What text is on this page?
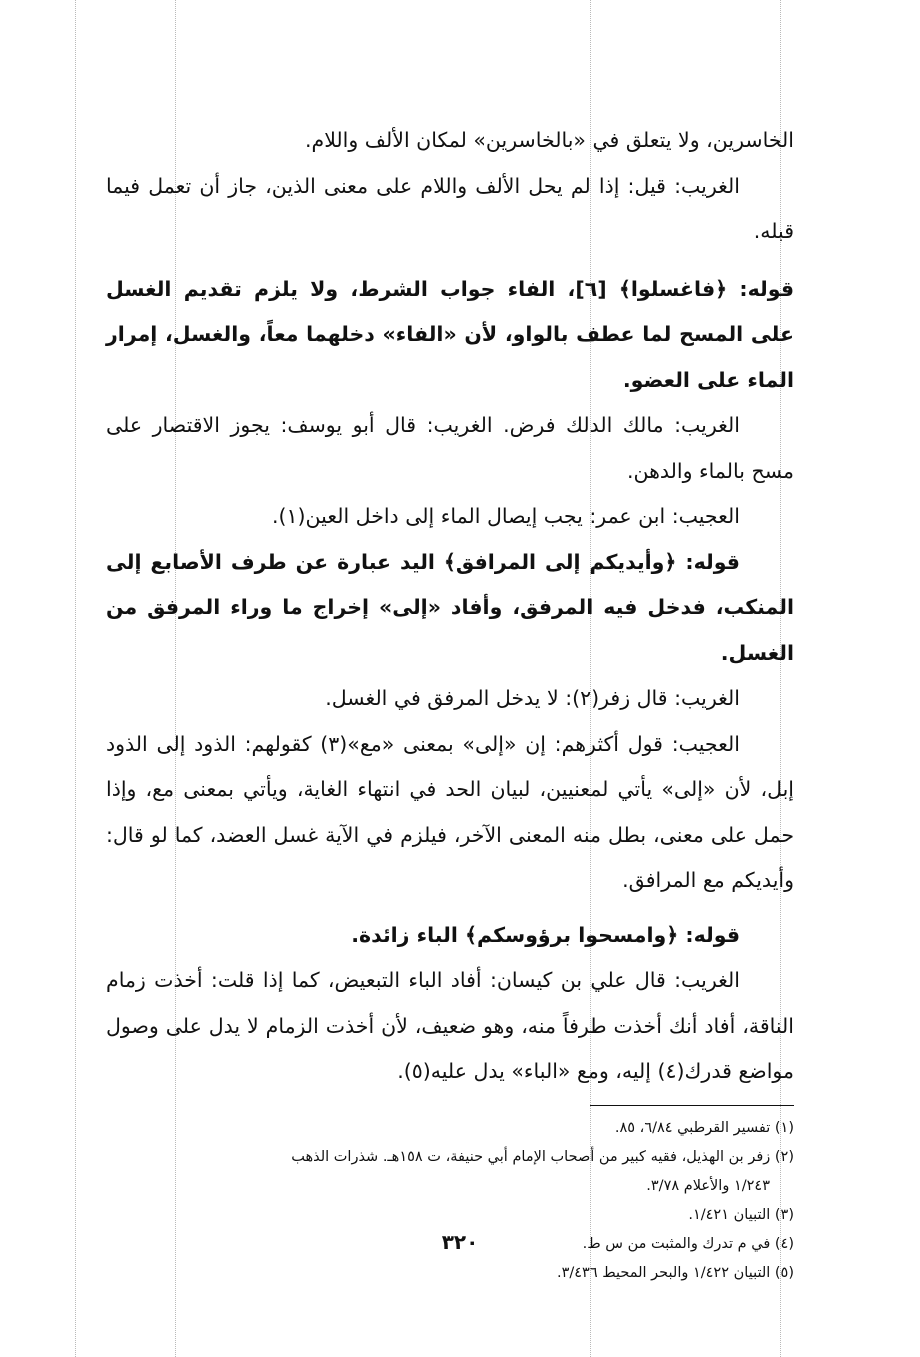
الخاسرين، ولا يتعلق في «بالخاسرين» لمكان الألف واللام.

الغريب: قيل: إذا لم يحل الألف واللام على معنى الذين، جاز أن تعمل فيما قبله.

قوله: ﴿فاغسلوا﴾ [٦]، الفاء جواب الشرط، ولا يلزم تقديم الغسل على المسح لما عطف بالواو، لأن «الفاء» دخلهما معاً، والغسل، إمرار الماء على العضو.

الغريب: مالك الدلك فرض. الغريب: قال أبو يوسف: يجوز الاقتصار على مسح بالماء والدهن.

العجيب: ابن عمر: يجب إيصال الماء إلى داخل العين(١).

قوله: ﴿وأيديكم إلى المرافق﴾ اليد عبارة عن طرف الأصابع إلى المنكب، فدخل فيه المرفق، وأفاد «إلى» إخراج ما وراء المرفق من الغسل.

الغريب: قال زفر(٢): لا يدخل المرفق في الغسل.

العجيب: قول أكثرهم: إن «إلى» بمعنى «مع»(٣) كقولهم: الذود إلى الذود إبل، لأن «إلى» يأتي لمعنيين، لبيان الحد في انتهاء الغاية، ويأتي بمعنى مع، وإذا حمل على معنى، بطل منه المعنى الآخر، فيلزم في الآية غسل العضد، كما لو قال: وأيديكم مع المرافق.

قوله: ﴿وامسحوا برؤوسكم﴾ الباء زائدة.

الغريب: قال علي بن كيسان: أفاد الباء التبعيض، كما إذا قلت: أخذت زمام الناقة، أفاد أنك أخذت طرفاً منه، وهو ضعيف، لأن أخذت الزمام لا يدل على وصول مواضع قدرك(٤) إليه، ومع «الباء» يدل عليه(٥).

(١) تفسير القرطبي ٦/٨٤، ٨٥.

(٢) زفر بن الهذيل، فقيه كبير من أصحاب الإمام أبي حنيفة، ت ١٥٨هـ. شذرات الذهب

١/٢٤٣ والأعلام ٣/٧٨.

(٣) التبيان ١/٤٢١.

(٤) في م تدرك والمثبت من س ط.

(٥) التبيان ١/٤٢٢ والبحر المحيط ٣/٤٣٦.

٣٢٠
